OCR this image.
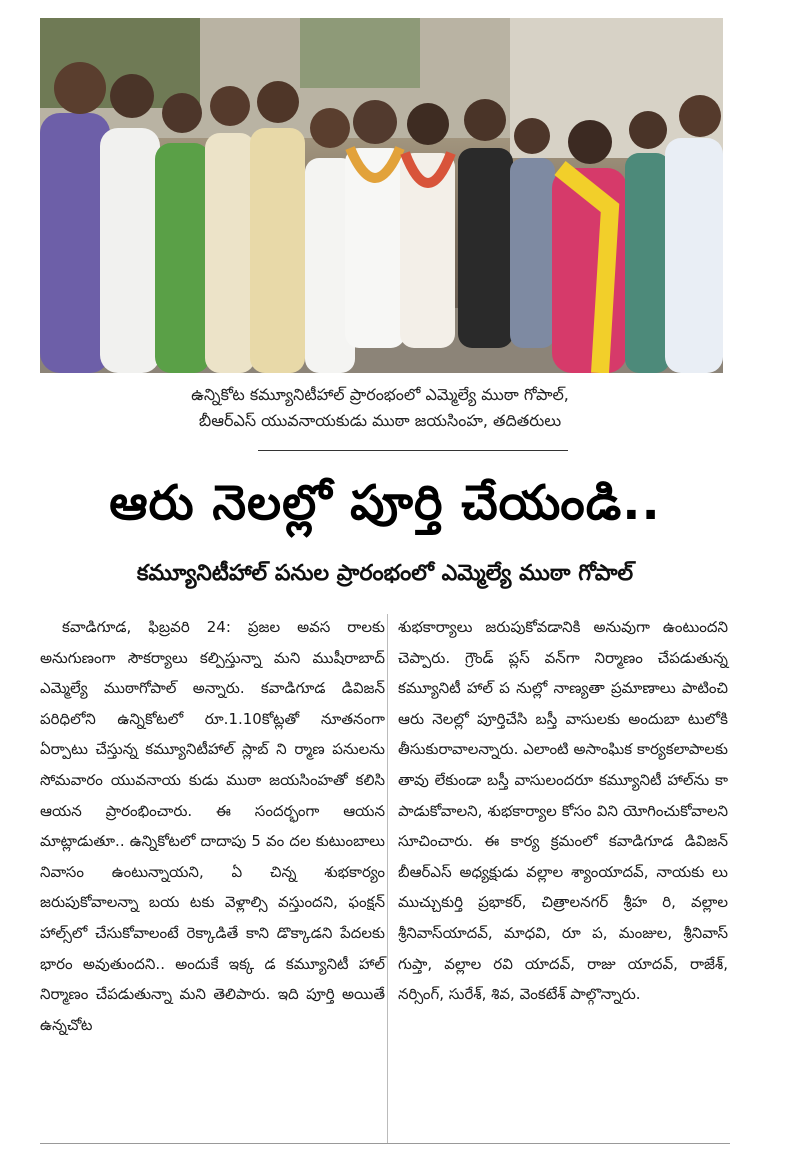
ఉన్నికోట కమ్యూనిటీహాల్ ప్రారంభంలో ఎమ్మెల్యే ముఠా గోపాల్,
బీఆర్ఎస్ యువనాయకుడు ముఠా జయసింహ, తదితరులు
ఆరు నెలల్లో పూర్తి చేయండి..
కమ్యూనిటీహాల్ పనుల ప్రారంభంలో ఎమ్మెల్యే ముఠా గోపాల్

కవాడిగూడ, ఫిబ్రవరి 24: ప్రజల అవస రాలకు అనుగుణంగా సౌకర్యాలు కల్పిస్తున్నా మని ముషీరాబాద్ ఎమ్మెల్యే ముఠాగోపాల్ అన్నారు. కవాడిగూడ డివిజన్ పరిధిలోని ఉన్నికోటలో రూ.1.10కోట్లతో నూతనంగా ఏర్పాటు చేస్తున్న కమ్యూనిటీహాల్ స్లాబ్ ని ర్మాణ పనులను సోమవారం యువనాయ కుడు ముఠా జయసింహతో కలిసి ఆయన ప్రారంభించారు. ఈ సందర్భంగా ఆయన మాట్లాడుతూ.. ఉన్నికోటలో దాదాపు 5 వం దల కుటుంబాలు నివాసం ఉంటున్నాయని, ఏ చిన్న శుభకార్యం జరుపుకోవాలన్నా బయ టకు వెళ్లాల్సి వస్తుందని, ఫంక్షన్ హాల్స్‌లో చేసుకోవాలంటే రెక్కాడితే కాని డొక్కాడని పేదలకు భారం అవుతుందని.. అందుకే ఇక్క డ కమ్యూనిటీ హాల్ నిర్మాణం చేపడుతున్నా మని తెలిపారు. ఇది పూర్తి అయితే ఉన్నచోట

శుభకార్యాలు జరుపుకోవడానికి అనువుగా ఉంటుందని చెప్పారు. గ్రౌండ్ ప్లస్ వన్‌గా నిర్మాణం చేపడుతున్న కమ్యూనిటీ హాల్ ప నుల్లో నాణ్యతా ప్రమాణాలు పాటించి ఆరు నెలల్లో పూర్తిచేసి బస్తీ వాసులకు అందుబా టులోకి తీసుకురావాలన్నారు. ఎలాంటి అసాంఘిక కార్యకలాపాలకు తావు లేకుండా బస్తీ వాసులందరూ కమ్యూనిటీ హాల్‌ను కా పాడుకోవాలని, శుభకార్యాల కోసం విని యోగించుకోవాలని సూచించారు. ఈ కార్య క్రమంలో కవాడిగూడ డివిజన్ బీఆర్ఎస్ అధ్యక్షుడు వల్లాల శ్యాంయాదవ్, నాయకు లు ముచ్చుకుర్తి ప్రభాకర్, చిత్రాలనగర్ శ్రీహ రి, వల్లాల శ్రీనివాస్‌యాదవ్, మాధవి, రూ ప, మంజుల, శ్రీనివాస్ గుప్తా, వల్లాల రవి యాదవ్, రాజు యాదవ్, రాజేశ్, నర్సింగ్, సురేశ్, శివ, వెంకటేశ్ పాల్గొన్నారు.
